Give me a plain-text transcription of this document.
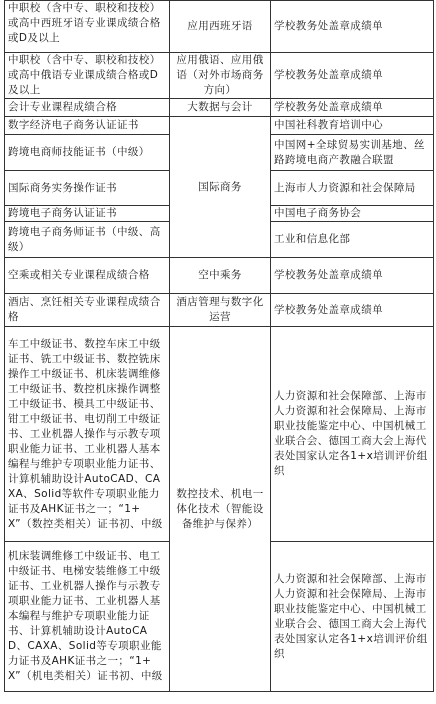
中职校（含中专、职校和技校）或高中西班牙语专业课成绩合格或D及以上	应用西班牙语	学校教务处盖章成绩单
中职校（含中专、职校和技校）或高中俄语专业课成绩合格或D及以上	应用俄语、应用俄语（对外市场商务方向）	学校教务处盖章成绩单
会计专业课程成绩合格	大数据与会计	学校教务处盖章成绩单
数字经济电子商务认证证书	国际商务	中国社科教育培训中心
跨境电商师技能证书（中级）		中国网+全球贸易实训基地、丝路跨境电商产教融合联盟
国际商务实务操作证书		上海市人力资源和社会保障局
跨境电子商务认证证书		中国电子商务协会
跨境电子商务师证书（中级、高级）		工业和信息化部
空乘或相关专业课程成绩合格	空中乘务	学校教务处盖章成绩单
酒店、烹饪相关专业课程成绩合格	酒店管理与数字化运营	学校教务处盖章成绩单
车工中级证书、数控车床工中级证书、铣工中级证书、数控铣床操作工中级证书、机床装调维修工中级证书、数控机床操作调整工中级证书、模具工中级证书、钳工中级证书、电切削工中级证书、工业机器人操作与示教专项职业能力证书、工业机器人基本编程与维护专项职业能力证书、计算机辅助设计AutoCAD、CAXA、Solid等软件专项职业能力证书及AHK证书之一；“1+X”（数控类相关）证书初、中级	数控技术、机电一体化技术（智能设备维护与保养）	人力资源和社会保障部、上海市人力资源和社会保障局、上海市职业技能鉴定中心、中国机械工业联合会、德国工商大会上海代表处国家认定各1+x培训评价组织
机床装调维修工中级证书、电工中级证书、电梯安装维修工中级证书、工业机器人操作与示教专项职业能力证书、工业机器人基本编程与维护专项职业能力证书、计算机辅助设计AutoCAD、CAXA、Solid等专项职业能力证书及AHK证书之一；“1+X”（机电类相关）证书初、中级		人力资源和社会保障部、上海市人力资源和社会保障局、上海市职业技能鉴定中心、中国机械工业联合会、德国工商大会上海代表处国家认定各1+x培训评价组织
